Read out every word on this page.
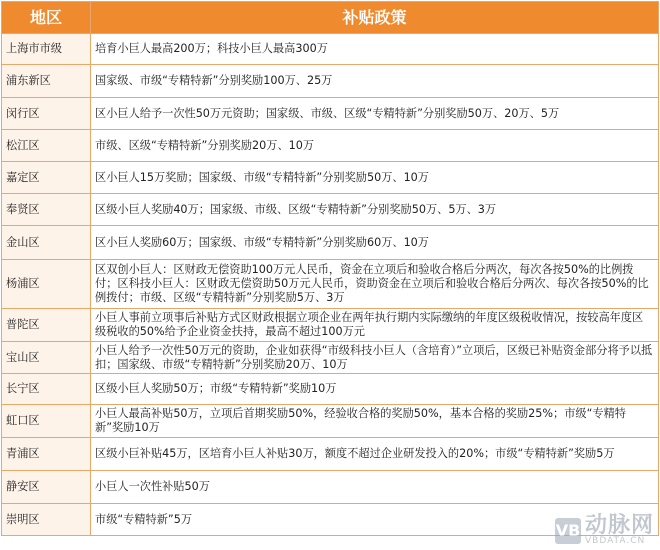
地区	补贴政策
上海市市级	培育小巨人最高200万；科技小巨人最高300万
浦东新区	国家级、市级“专精特新”分别奖励100万、25万
闵行区	区小巨人给予一次性50万元资助；国家级、市级、区级“专精特新”分别奖励50万、20万、5万
松江区	市级、区级“专精特新”分别奖励20万、10万
嘉定区	区小巨人15万奖励；国家级、市级“专精特新”分别奖励50万、10万
奉贤区	区级小巨人奖励40万；国家级、市级、区级“专精特新”分别奖励50万、5万、3万
金山区	区小巨人奖励60万；国家级、市级“专精特新”分别奖励60万、10万
杨浦区	区双创小巨人：区财政无偿资助100万元人民币，资金在立项后和验收合格后分两次，每次各按50%的比例拨付；区科技小巨人：区财政无偿资助50万元人民币，资助资金在立项后和验收合格后分两次、每次各按50%的比例拨付；市级、区级“专精特新”分别奖励5万、3万
普陀区	小巨人事前立项事后补贴方式区财政根据立项企业在两年执行期内实际缴纳的年度区级税收情况，按较高年度区级税收的50%给予企业资金扶持，最高不超过100万元
宝山区	小巨人给予一次性50万元的资助，企业如获得“市级科技小巨人（含培育）”立项后，区级已补贴资金部分将予以抵扣；国家级、市级“专精特新”分别奖励20万、10万
长宁区	区级小巨人奖励50万；市级“专精特新”奖励10万
虹口区	小巨人最高补贴50万，立项后首期奖励50%，经验收合格的奖励50%，基本合格的奖励25%；市级“专精特新”奖励10万
青浦区	区级小巨补贴45万，区培育小巨人补贴30万，额度不超过企业研发投入的20%；市级“专精特新”奖励5万
静安区	小巨人一次性补贴50万
崇明区	市级“专精特新”5万
VB 动脉网
VBDATA.CN
